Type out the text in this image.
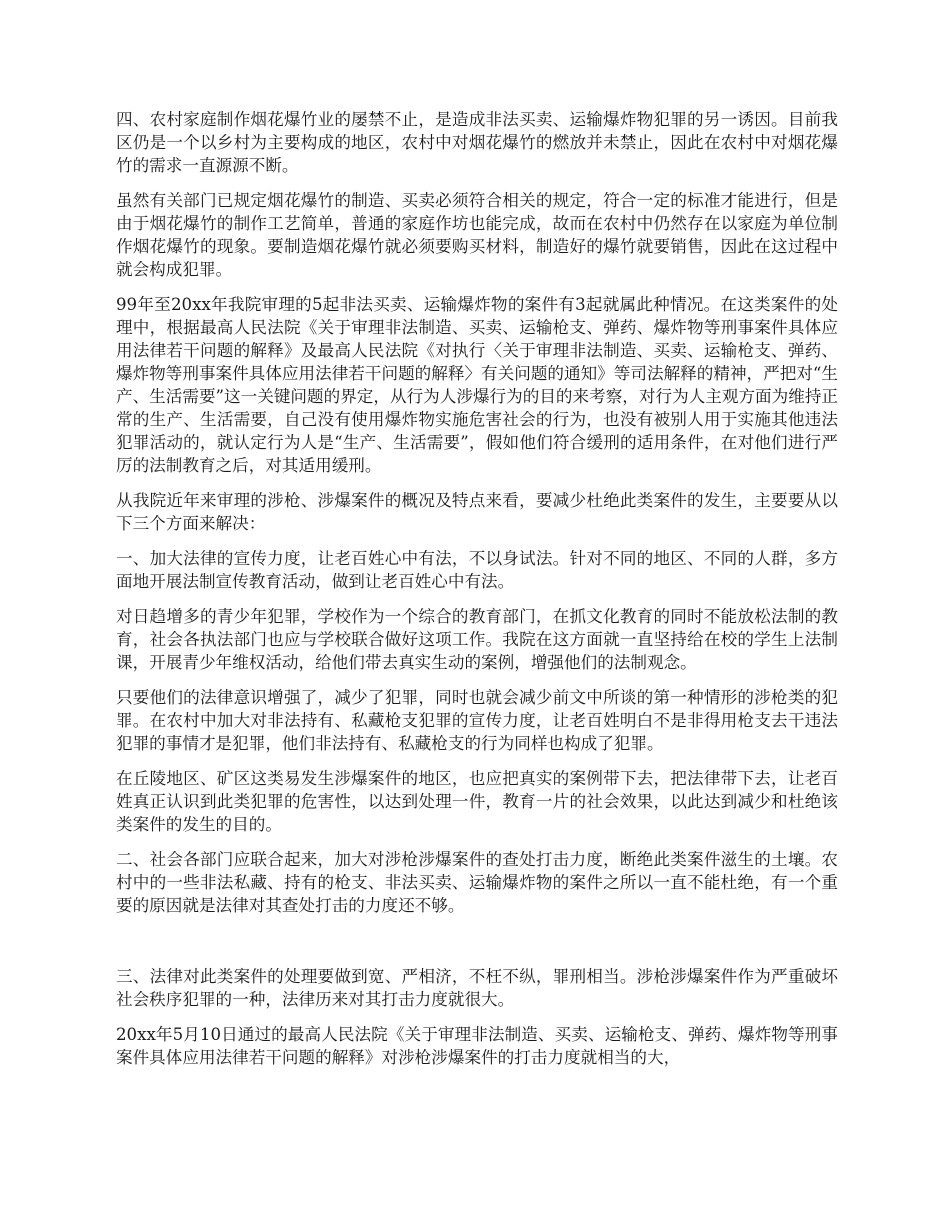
四、农村家庭制作烟花爆竹业的屡禁不止，是造成非法买卖、运输爆炸物犯罪的另一诱因。目前我区仍是一个以乡村为主要构成的地区，农村中对烟花爆竹的燃放并未禁止，因此在农村中对烟花爆竹的需求一直源源不断。

虽然有关部门已规定烟花爆竹的制造、买卖必须符合相关的规定，符合一定的标准才能进行，但是由于烟花爆竹的制作工艺简单，普通的家庭作坊也能完成，故而在农村中仍然存在以家庭为单位制作烟花爆竹的现象。要制造烟花爆竹就必须要购买材料，制造好的爆竹就要销售，因此在这过程中就会构成犯罪。

99年至20xx年我院审理的5起非法买卖、运输爆炸物的案件有3起就属此种情况。在这类案件的处理中，根据最高人民法院《关于审理非法制造、买卖、运输枪支、弹药、爆炸物等刑事案件具体应用法律若干问题的解释》及最高人民法院《对执行〈关于审理非法制造、买卖、运输枪支、弹药、爆炸物等刑事案件具体应用法律若干问题的解释〉有关问题的通知》等司法解释的精神，严把对“生产、生活需要”这一关键问题的界定，从行为人涉爆行为的目的来考察，对行为人主观方面为维持正常的生产、生活需要，自己没有使用爆炸物实施危害社会的行为，也没有被别人用于实施其他违法犯罪活动的，就认定行为人是“生产、生活需要”，假如他们符合缓刑的适用条件，在对他们进行严厉的法制教育之后，对其适用缓刑。

从我院近年来审理的涉枪、涉爆案件的概况及特点来看，要减少杜绝此类案件的发生，主要要从以下三个方面来解决：

一、加大法律的宣传力度，让老百姓心中有法，不以身试法。针对不同的地区、不同的人群，多方面地开展法制宣传教育活动，做到让老百姓心中有法。

对日趋增多的青少年犯罪，学校作为一个综合的教育部门，在抓文化教育的同时不能放松法制的教育，社会各执法部门也应与学校联合做好这项工作。我院在这方面就一直坚持给在校的学生上法制课，开展青少年维权活动，给他们带去真实生动的案例，增强他们的法制观念。

只要他们的法律意识增强了，减少了犯罪，同时也就会减少前文中所谈的第一种情形的涉枪类的犯罪。在农村中加大对非法持有、私藏枪支犯罪的宣传力度，让老百姓明白不是非得用枪支去干违法犯罪的事情才是犯罪，他们非法持有、私藏枪支的行为同样也构成了犯罪。

在丘陵地区、矿区这类易发生涉爆案件的地区，也应把真实的案例带下去，把法律带下去，让老百姓真正认识到此类犯罪的危害性，以达到处理一件，教育一片的社会效果，以此达到减少和杜绝该类案件的发生的目的。

二、社会各部门应联合起来，加大对涉枪涉爆案件的查处打击力度，断绝此类案件滋生的土壤。农村中的一些非法私藏、持有的枪支、非法买卖、运输爆炸物的案件之所以一直不能杜绝，有一个重要的原因就是法律对其查处打击的力度还不够。

三、法律对此类案件的处理要做到宽、严相济，不枉不纵，罪刑相当。涉枪涉爆案件作为严重破坏社会秩序犯罪的一种，法律历来对其打击力度就很大。

20xx年5月10日通过的最高人民法院《关于审理非法制造、买卖、运输枪支、弹药、爆炸物等刑事案件具体应用法律若干问题的解释》对涉枪涉爆案件的打击力度就相当的大，
